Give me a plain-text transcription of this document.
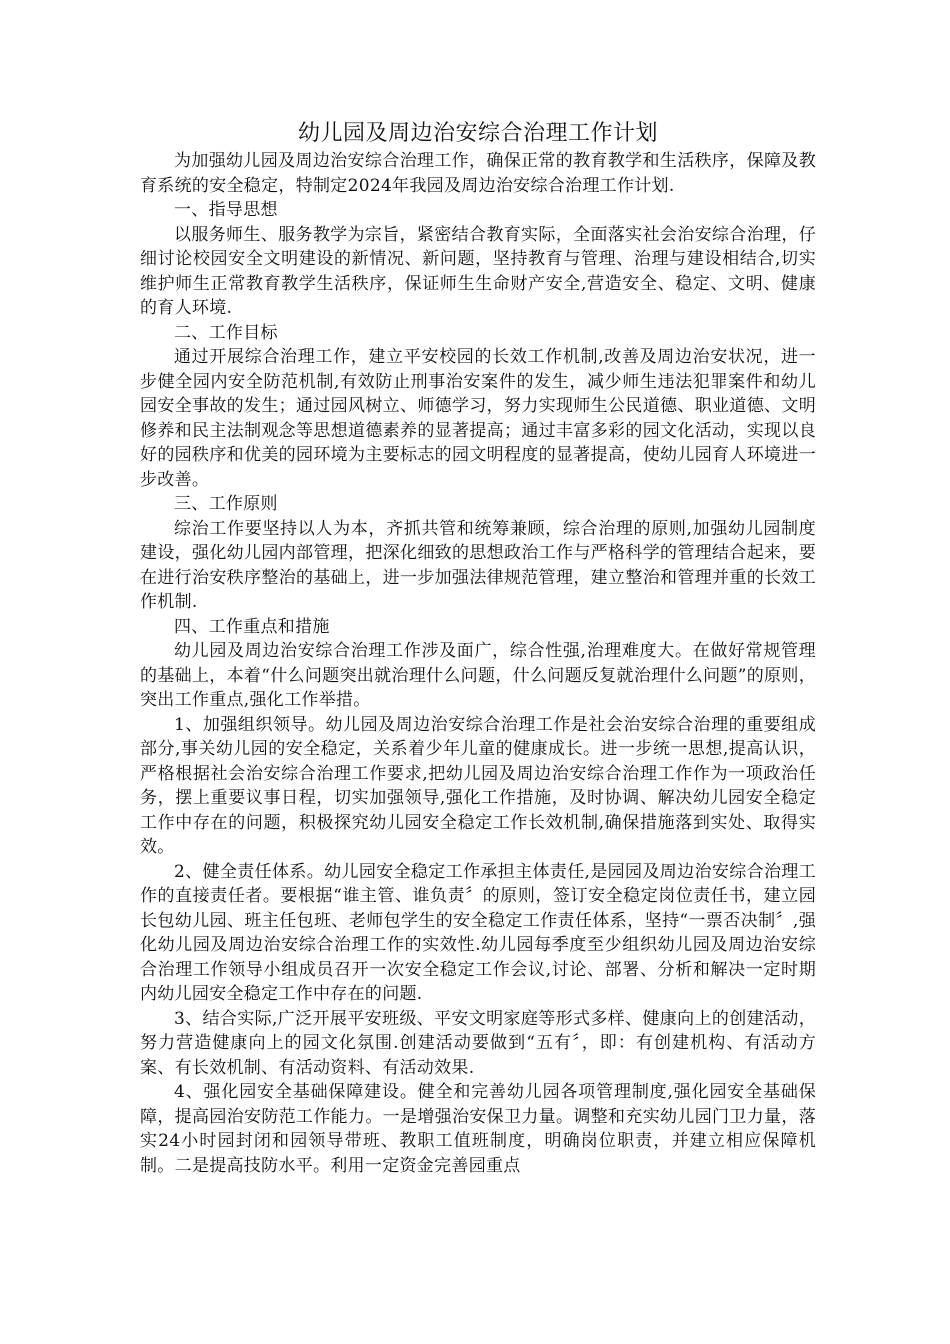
幼儿园及周边治安综合治理工作计划

为加强幼儿园及周边治安综合治理工作，确保正常的教育教学和生活秩序，保障及教育系统的安全稳定，特制定2024年我园及周边治安综合治理工作计划.

一、指导思想

以服务师生、服务教学为宗旨，紧密结合教育实际，全面落实社会治安综合治理，仔细讨论校园安全文明建设的新情况、新问题，坚持教育与管理、治理与建设相结合,切实维护师生正常教育教学生活秩序，保证师生生命财产安全,营造安全、稳定、文明、健康的育人环境.

二、工作目标

通过开展综合治理工作，建立平安校园的长效工作机制,改善及周边治安状况，进一步健全园内安全防范机制,有效防止刑事治安案件的发生，减少师生违法犯罪案件和幼儿园安全事故的发生；通过园风树立、师德学习，努力实现师生公民道德、职业道德、文明修养和民主法制观念等思想道德素养的显著提高；通过丰富多彩的园文化活动，实现以良好的园秩序和优美的园环境为主要标志的园文明程度的显著提高，使幼儿园育人环境进一步改善。

三、工作原则

综治工作要坚持以人为本，齐抓共管和统筹兼顾，综合治理的原则,加强幼儿园制度建设，强化幼儿园内部管理，把深化细致的思想政治工作与严格科学的管理结合起来，要在进行治安秩序整治的基础上，进一步加强法律规范管理，建立整治和管理并重的长效工作机制.

四、工作重点和措施

幼儿园及周边治安综合治理工作涉及面广，综合性强,治理难度大。在做好常规管理的基础上，本着“什么问题突出就治理什么问题，什么问题反复就治理什么问题”的原则，突出工作重点,强化工作举措。

1、加强组织领导。幼儿园及周边治安综合治理工作是社会治安综合治理的重要组成部分,事关幼儿园的安全稳定，关系着少年儿童的健康成长。进一步统一思想,提高认识，严格根据社会治安综合治理工作要求,把幼儿园及周边治安综合治理工作作为一项政治任务，摆上重要议事日程，切实加强领导,强化工作措施，及时协调、解决幼儿园安全稳定工作中存在的问题，积极探究幼儿园安全稳定工作长效机制,确保措施落到实处、取得实效。

2、健全责任体系。幼儿园安全稳定工作承担主体责任,是园园及周边治安综合治理工作的直接责任者。要根据“谁主管、谁负责〞的原则，签订安全稳定岗位责任书，建立园长包幼儿园、班主任包班、老师包学生的安全稳定工作责任体系，坚持“一票否决制〞,强化幼儿园及周边治安综合治理工作的实效性.幼儿园每季度至少组织幼儿园及周边治安综合治理工作领导小组成员召开一次安全稳定工作会议,讨论、部署、分析和解决一定时期内幼儿园安全稳定工作中存在的问题.

3、结合实际,广泛开展平安班级、平安文明家庭等形式多样、健康向上的创建活动，努力营造健康向上的园文化氛围.创建活动要做到“五有〞，即：有创建机构、有活动方案、有长效机制、有活动资料、有活动效果.

4、强化园安全基础保障建设。健全和完善幼儿园各项管理制度,强化园安全基础保障，提高园治安防范工作能力。一是增强治安保卫力量。调整和充实幼儿园门卫力量，落实24小时园封闭和园领导带班、教职工值班制度，明确岗位职责，并建立相应保障机制。二是提高技防水平。利用一定资金完善园重点
